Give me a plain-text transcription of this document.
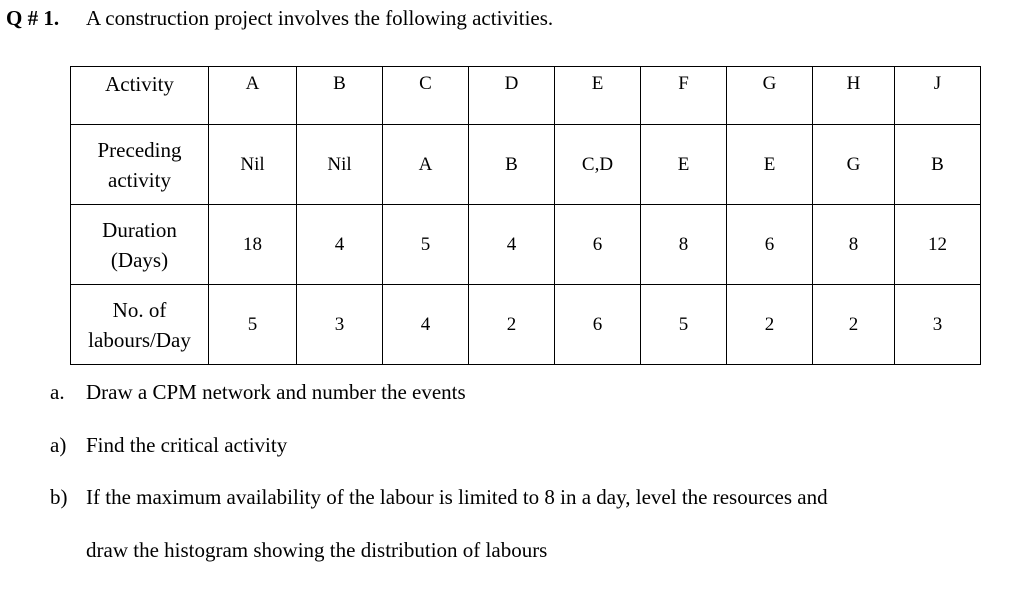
Q # 1. A construction project involves the following activities.
Activity	A	B	C	D	E	F	G	H	J
Preceding activity	Nil	Nil	A	B	C,D	E	E	G	B
Duration (Days)	18	4	5	4	6	8	6	8	12
No. of labours/Day	5	3	4	2	6	5	2	2	3
a. Draw a CPM network and number the events
a) Find the critical activity
b) If the maximum availability of the labour is limited to 8 in a day, level the resources and
draw the histogram showing the distribution of labours
